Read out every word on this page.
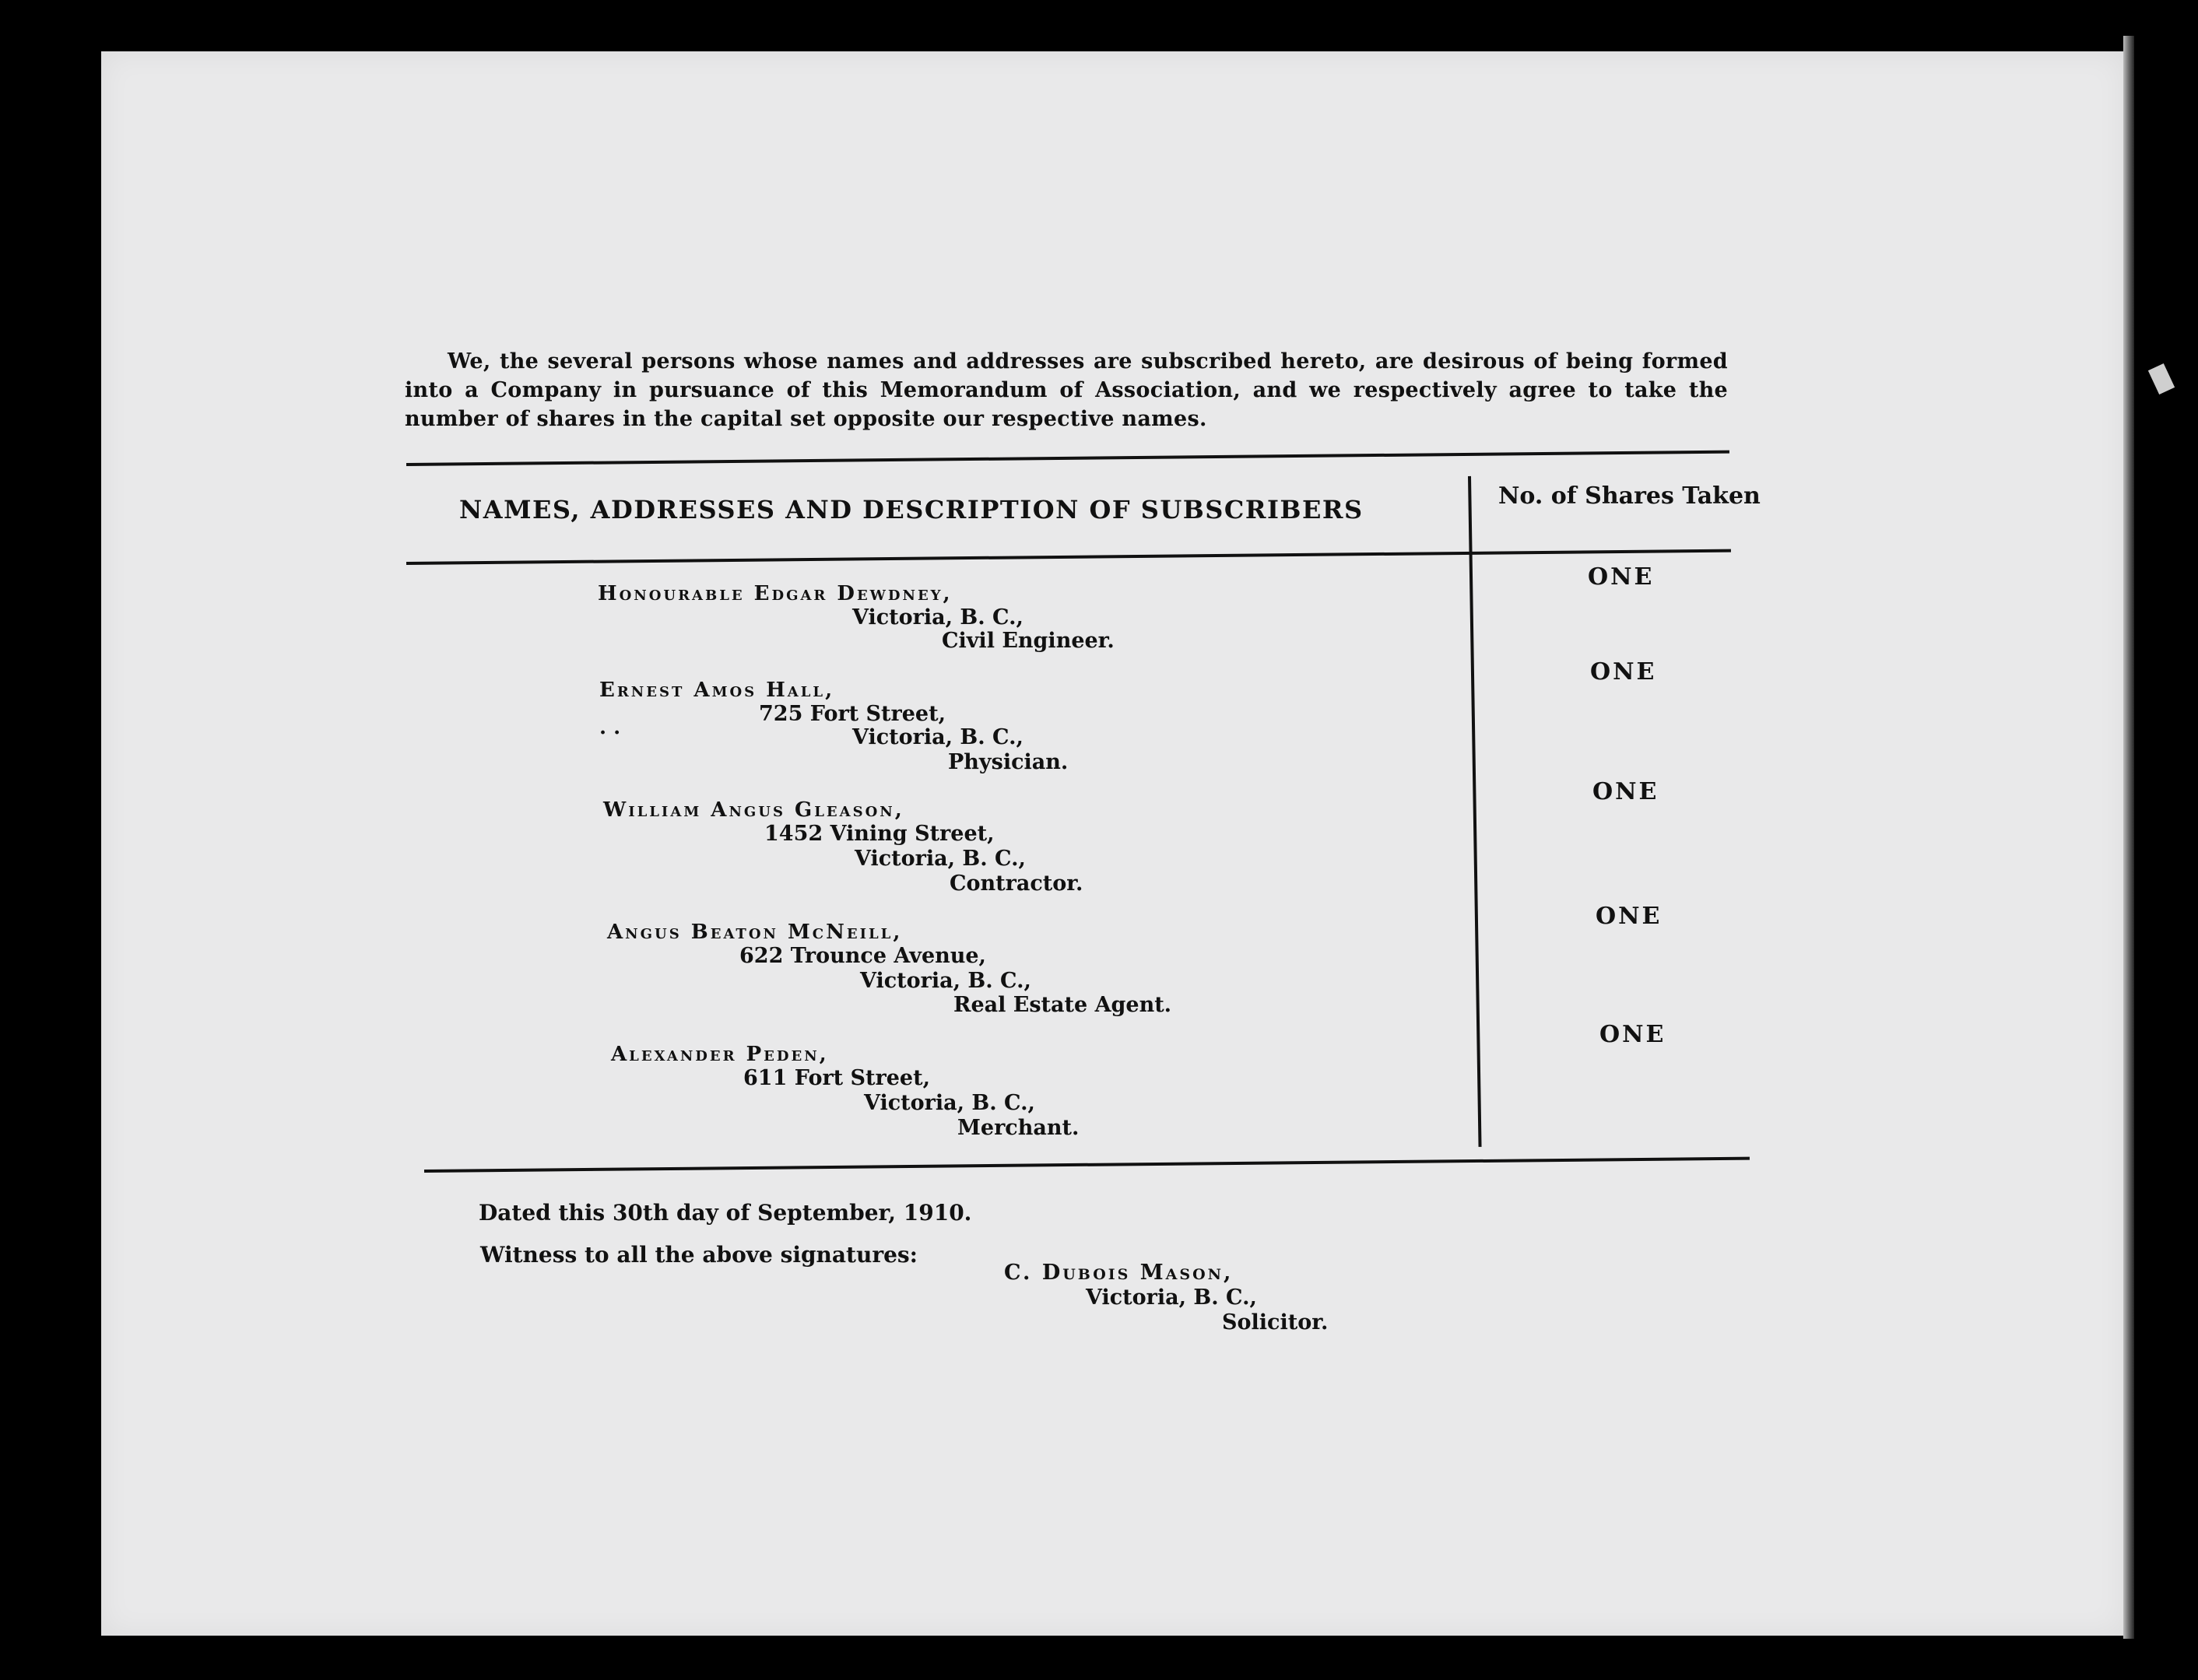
We, the several persons whose names and addresses are subscribed hereto, are desirous of being formed into a Company in pursuance of this Memorandum of Association, and we respectively agree to take the number of shares in the capital set opposite our respective names.

NAMES, ADDRESSES AND DESCRIPTION OF SUBSCRIBERS	No. of Shares Taken
Honourable Edgar Dewdney,
Victoria, B. C.,
Civil Engineer.
ONE
Ernest Amos Hall,
. .
725 Fort Street,
Victoria, B. C.,
Physician.
ONE
William Angus Gleason,
1452 Vining Street,
Victoria, B. C.,
Contractor.
ONE
Angus Beaton McNeill,
622 Trounce Avenue,
Victoria, B. C.,
Real Estate Agent.
ONE
Alexander Peden,
611 Fort Street,
Victoria, B. C.,
Merchant.
ONE
Dated this 30th day of September, 1910.
Witness to all the above signatures:
C. Dubois Mason,
Victoria, B. C.,
Solicitor.
